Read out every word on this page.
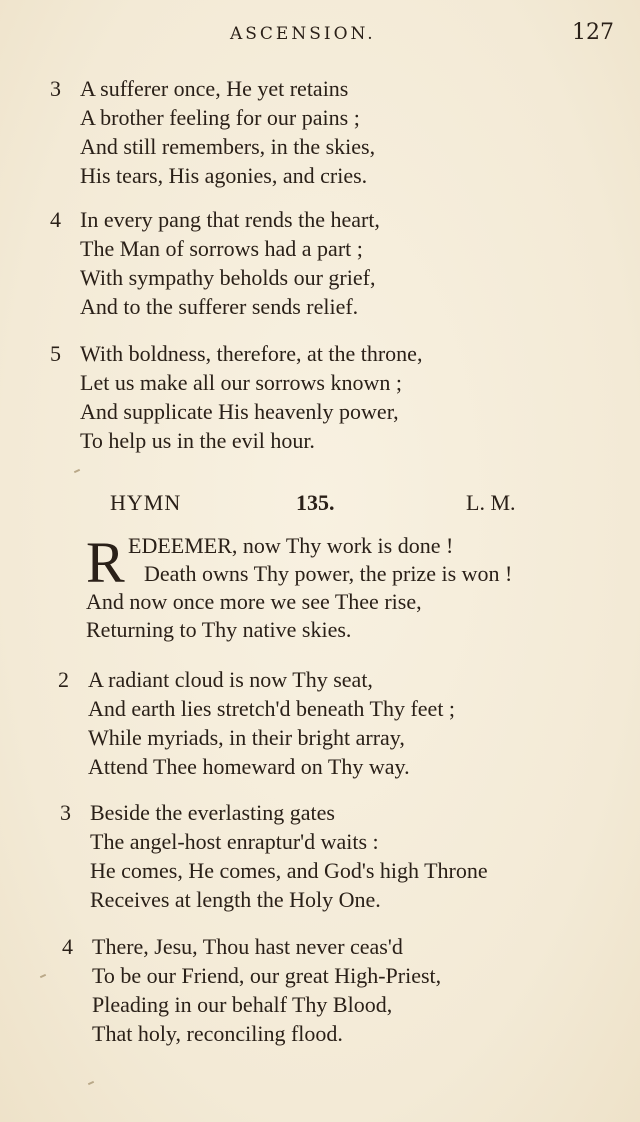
ASCENSION.	127
3 A sufferer once, He yet retains
A brother feeling for our pains ;
And still remembers, in the skies,
His tears, His agonies, and cries.
4 In every pang that rends the heart,
The Man of sorrows had a part ;
With sympathy beholds our grief,
And to the sufferer sends relief.
5 With boldness, therefore, at the throne,
Let us make all our sorrows known ;
And supplicate His heavenly power,
To help us in the evil hour.
HYMN	135.	L. M.
R EDEEMER, now Thy work is done !
Death owns Thy power, the prize is won !
And now once more we see Thee rise,
Returning to Thy native skies.
2 A radiant cloud is now Thy seat,
And earth lies stretch'd beneath Thy feet ;
While myriads, in their bright array,
Attend Thee homeward on Thy way.
3 Beside the everlasting gates
The angel-host enraptur'd waits :
He comes, He comes, and God's high Throne
Receives at length the Holy One.
4 There, Jesu, Thou hast never ceas'd
To be our Friend, our great High-Priest,
Pleading in our behalf Thy Blood,
That holy, reconciling flood.
